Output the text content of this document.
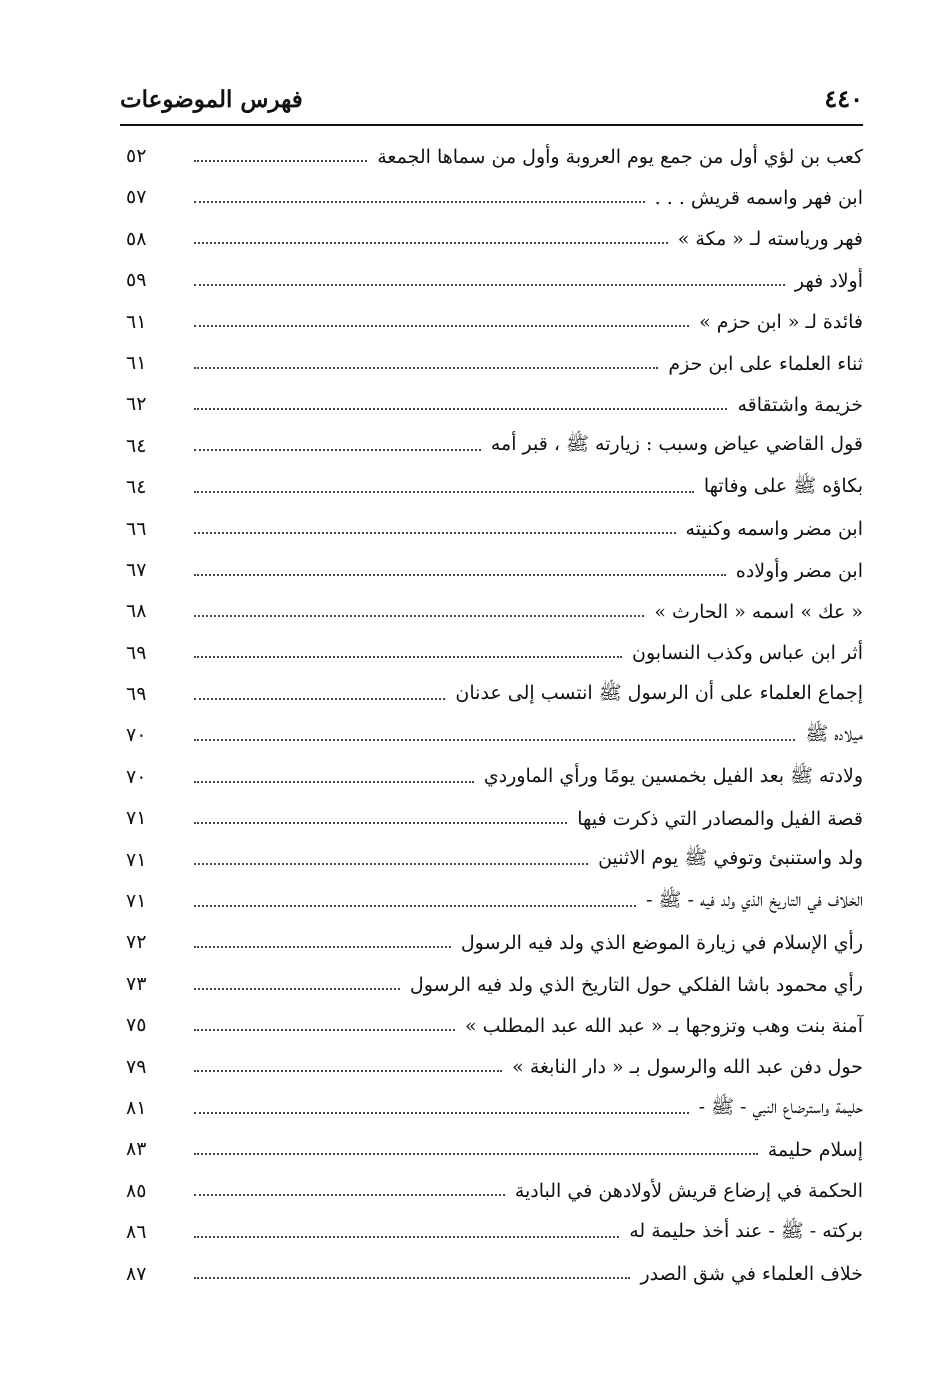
٤٤٠
فهرس الموضوعات
كعب بن لؤي أول من جمع يوم العروبة وأول من سماها الجمعة
٥٢
ابن فهر واسمه قريش . . .
٥٧
فهر ورياسته لـ « مكة »
٥٨
أولاد فهر
٥٩
فائدة لـ « ابن حزم »
٦١
ثناء العلماء على ابن حزم
٦١
خزيمة واشتقاقه
٦٢
قول القاضي عياض وسبب : زيارته ﷺ ، قبر أمه
٦٤
بكاؤه ﷺ على وفاتها
٦٤
ابن مضر واسمه وكنيته
٦٦
ابن مضر وأولاده
٦٧
« عك » اسمه « الحارث »
٦٨
أثر ابن عباس وكذب النسابون
٦٩
إجماع العلماء على أن الرسول ﷺ انتسب إلى عدنان
٦٩
ميلاده ﷺ
٧٠
ولادته ﷺ بعد الفيل بخمسين يومًا ورأي الماوردي
٧٠
قصة الفيل والمصادر التي ذكرت فيها
٧١
ولد واستنبئ وتوفي ﷺ يوم الاثنين
٧١
الخلاف في التاريخ الذي ولد فيه - ﷺ -
٧١
رأي الإسلام في زيارة الموضع الذي ولد فيه الرسول
٧٢
رأي محمود باشا الفلكي حول التاريخ الذي ولد فيه الرسول
٧٣
آمنة بنت وهب وتزوجها بـ « عبد الله عبد المطلب »
٧٥
حول دفن عبد الله والرسول بـ « دار النابغة »
٧٩
حليمة واسترضاع النبي - ﷺ -
٨١
إسلام حليمة
٨٣
الحكمة في إرضاع قريش لأولادهن في البادية
٨٥
بركته - ﷺ - عند أخذ حليمة له
٨٦
خلاف العلماء في شق الصدر
٨٧
